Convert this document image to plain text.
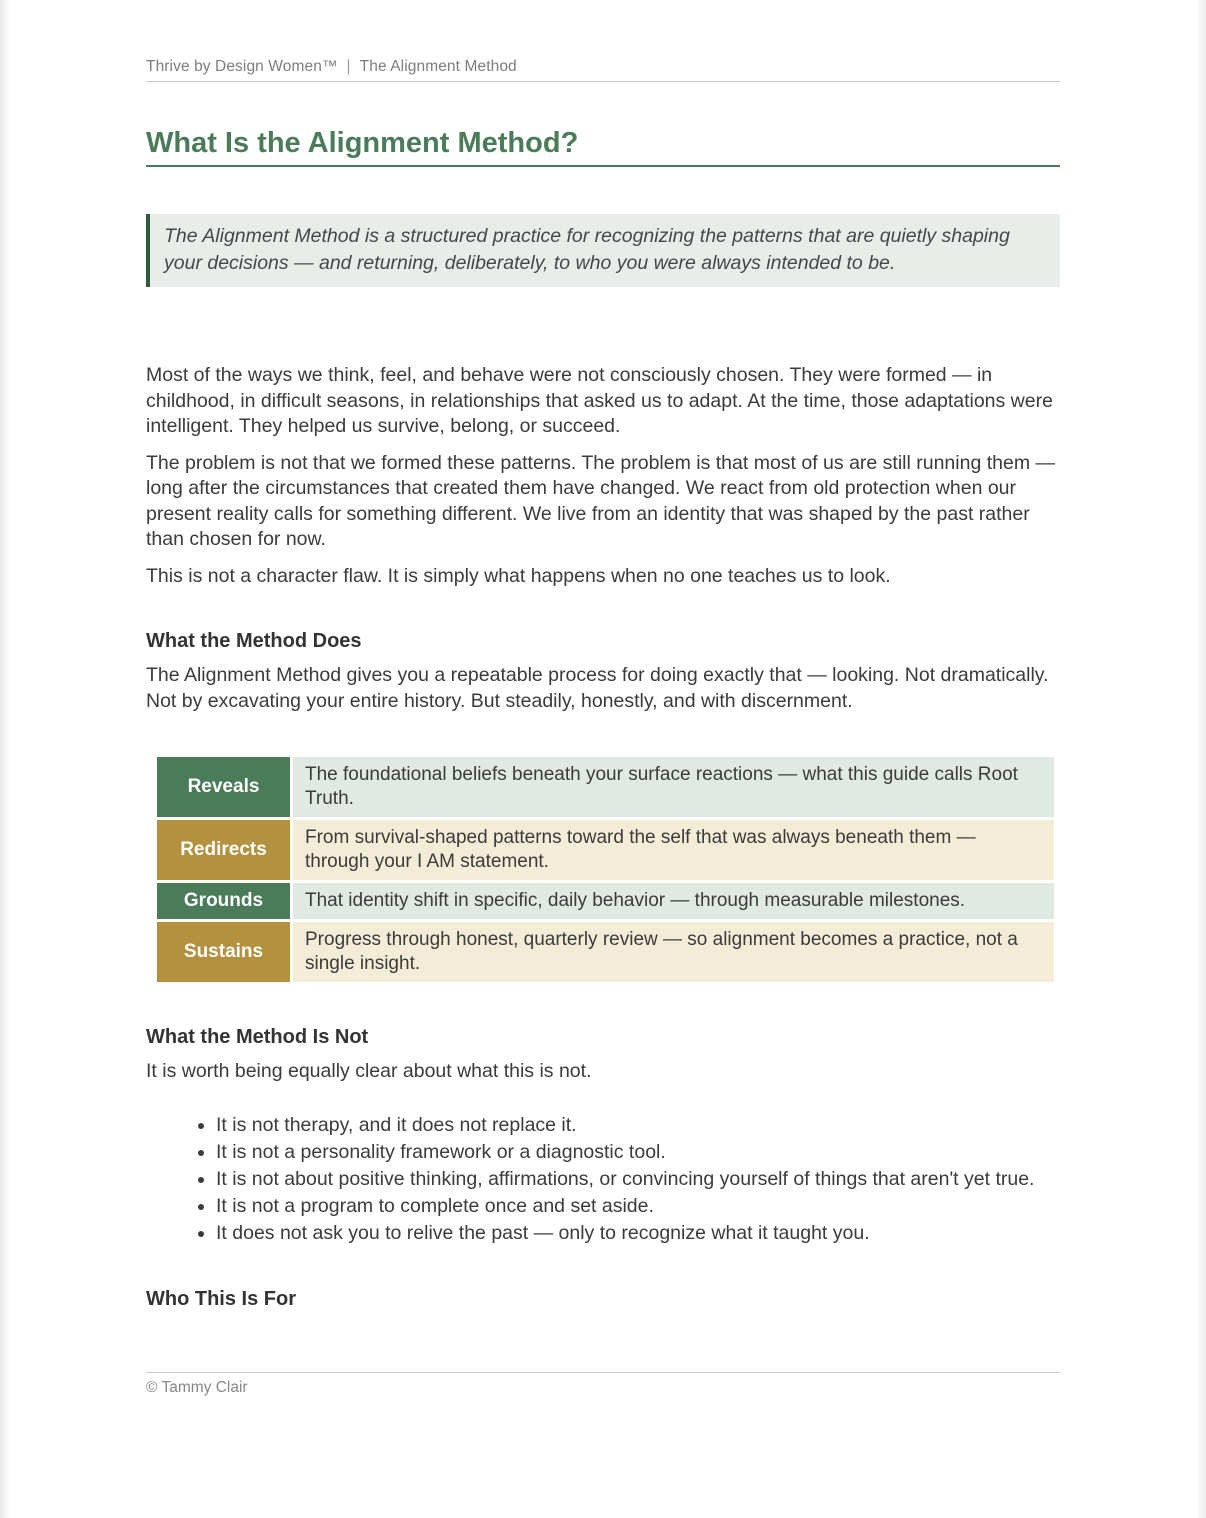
Thrive by Design Women™ | The Alignment Method
What Is the Alignment Method?
The Alignment Method is a structured practice for recognizing the patterns that are quietly shaping your decisions — and returning, deliberately, to who you were always intended to be.

Most of the ways we think, feel, and behave were not consciously chosen. They were formed — in childhood, in difficult seasons, in relationships that asked us to adapt. At the time, those adaptations were intelligent. They helped us survive, belong, or succeed.

The problem is not that we formed these patterns. The problem is that most of us are still running them — long after the circumstances that created them have changed. We react from old protection when our present reality calls for something different. We live from an identity that was shaped by the past rather than chosen for now.

This is not a character flaw. It is simply what happens when no one teaches us to look.

What the Method Does

The Alignment Method gives you a repeatable process for doing exactly that — looking. Not dramatically. Not by excavating your entire history. But steadily, honestly, and with discernment.

Reveals	The foundational beliefs beneath your surface reactions — what this guide calls Root Truth.
Redirects	From survival-shaped patterns toward the self that was always beneath them — through your I AM statement.
Grounds	That identity shift in specific, daily behavior — through measurable milestones.
Sustains	Progress through honest, quarterly review — so alignment becomes a practice, not a single insight.
What the Method Is Not

It is worth being equally clear about what this is not.

• It is not therapy, and it does not replace it.
• It is not a personality framework or a diagnostic tool.
• It is not about positive thinking, affirmations, or convincing yourself of things that aren't yet true.
• It is not a program to complete once and set aside.
• It does not ask you to relive the past — only to recognize what it taught you.
Who This Is For
© Tammy Clair
